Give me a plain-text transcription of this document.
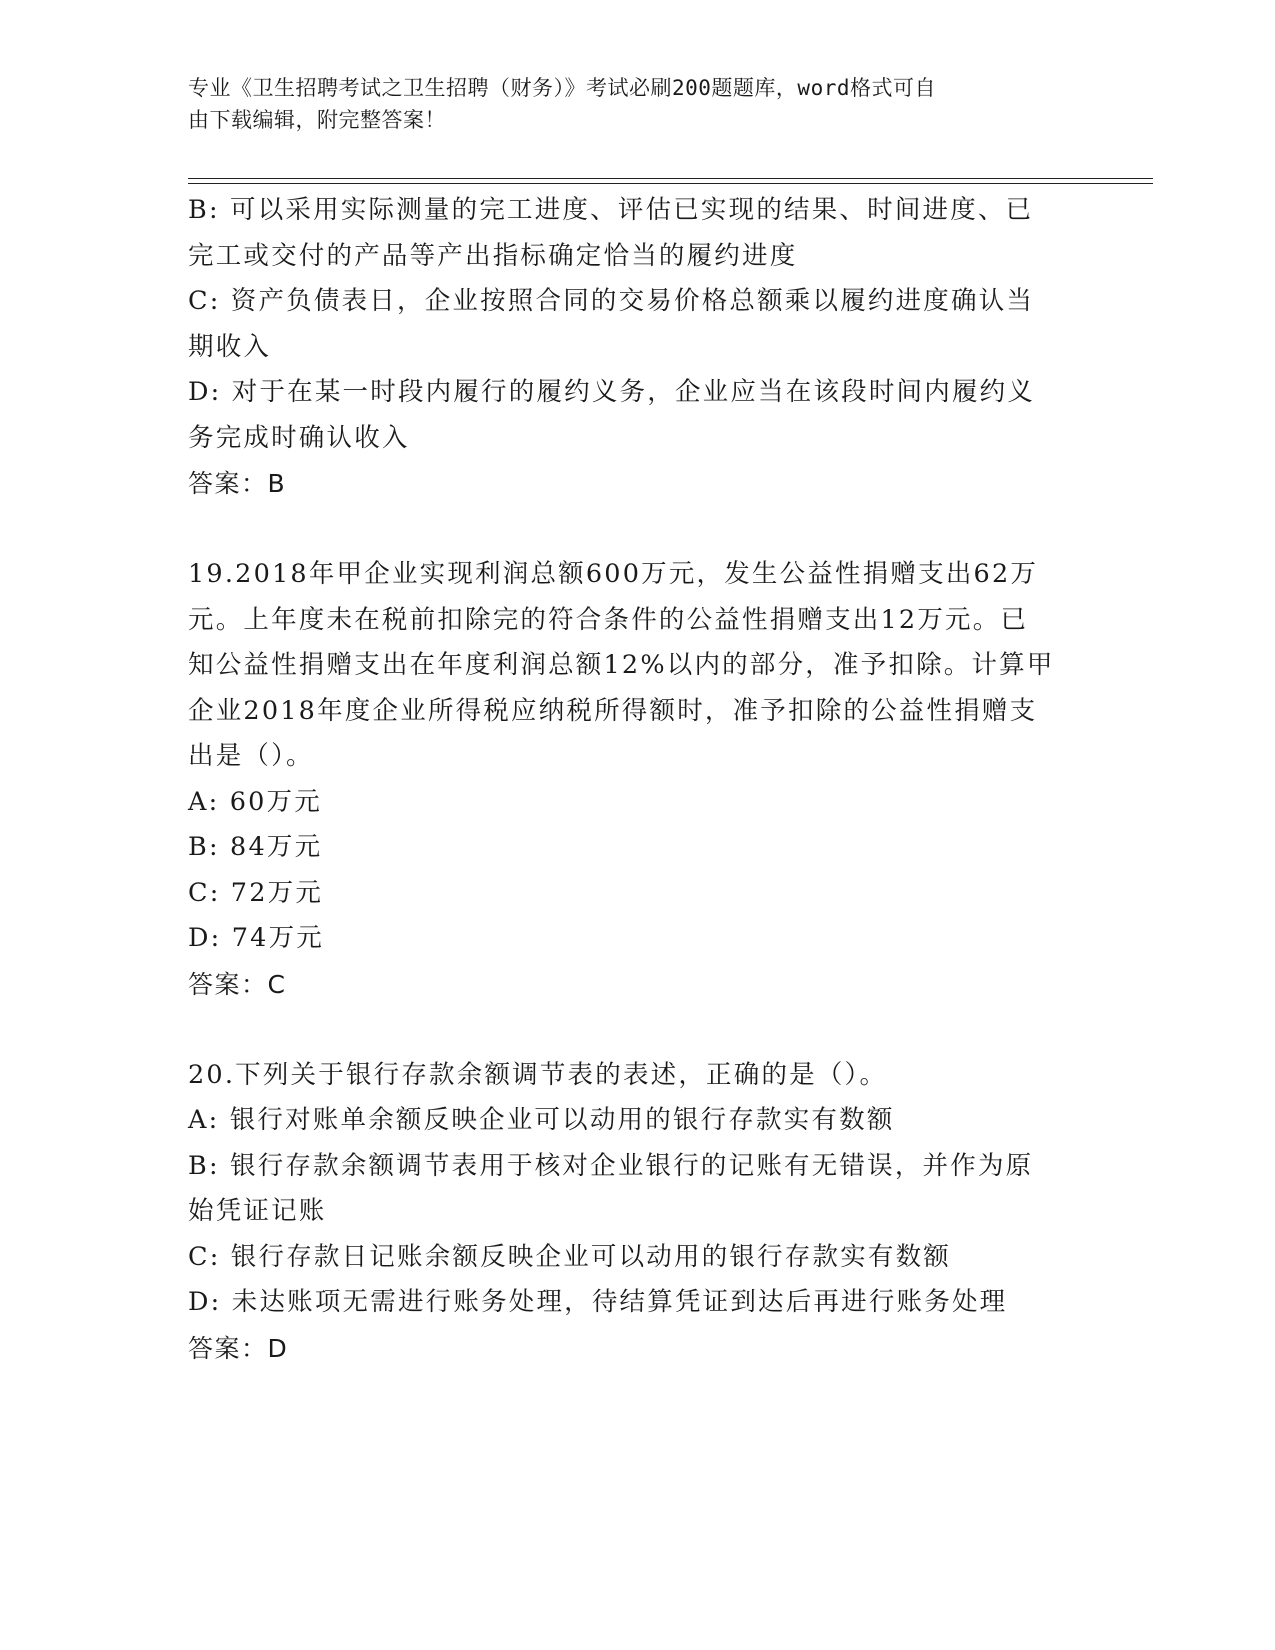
专业《卫生招聘考试之卫生招聘（财务）》考试必刷200题题库，word格式可自
由下载编辑，附完整答案！
B: 可以采用实际测量的完工进度、评估已实现的结果、时间进度、已
完工或交付的产品等产出指标确定恰当的履约进度
C: 资产负债表日，企业按照合同的交易价格总额乘以履约进度确认当
期收入
D: 对于在某一时段内履行的履约义务，企业应当在该段时间内履约义
务完成时确认收入
答案：B
19.2018年甲企业实现利润总额600万元，发生公益性捐赠支出62万
元。上年度未在税前扣除完的符合条件的公益性捐赠支出12万元。已
知公益性捐赠支出在年度利润总额12%以内的部分，准予扣除。计算甲
企业2018年度企业所得税应纳税所得额时，准予扣除的公益性捐赠支
出是（）。
A: 60万元
B: 84万元
C: 72万元
D: 74万元
答案：C
20.下列关于银行存款余额调节表的表述，正确的是（）。
A: 银行对账单余额反映企业可以动用的银行存款实有数额
B: 银行存款余额调节表用于核对企业银行的记账有无错误，并作为原
始凭证记账
C: 银行存款日记账余额反映企业可以动用的银行存款实有数额
D: 未达账项无需进行账务处理，待结算凭证到达后再进行账务处理
答案：D
